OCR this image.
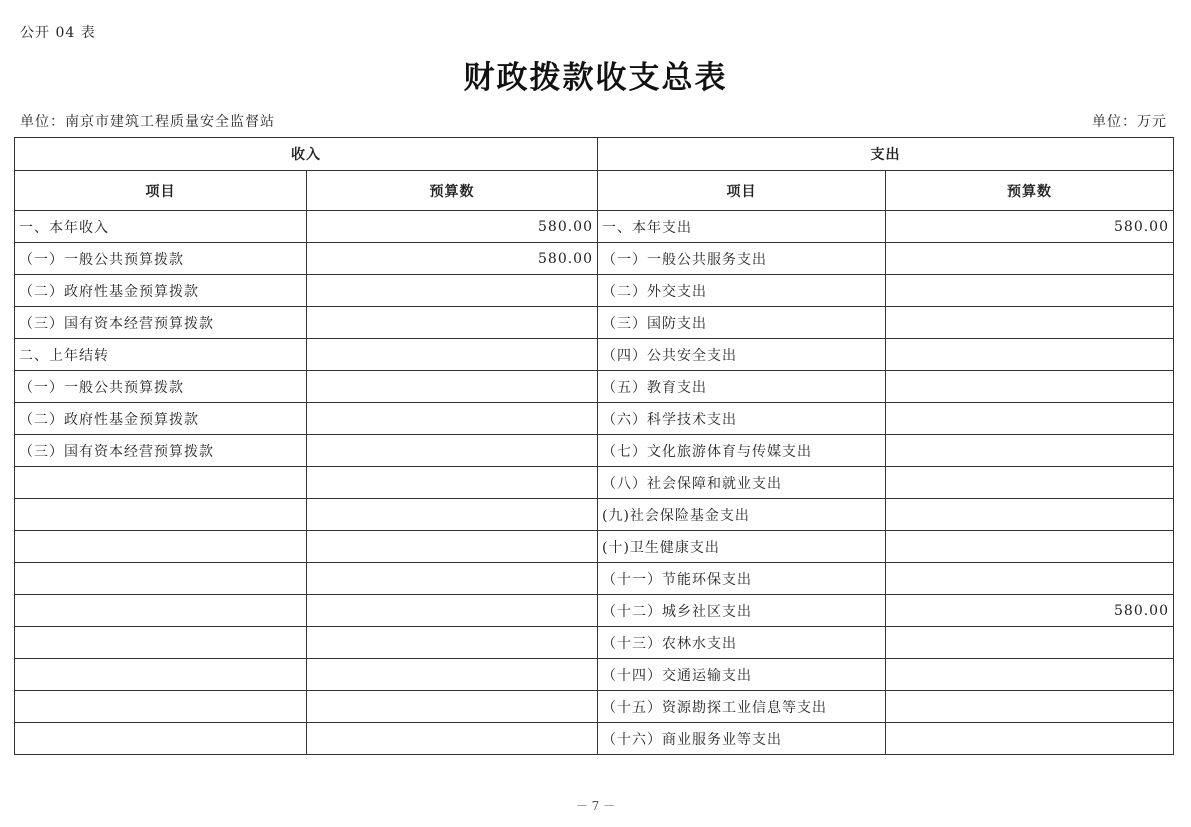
公开 04 表
财政拨款收支总表
单位：南京市建筑工程质量安全监督站	单位：万元
收入		支出	
项目	预算数	项目	预算数
一、本年收入	580.00	一、本年支出	580.00
（一）一般公共预算拨款	580.00	（一）一般公共服务支出	
（二）政府性基金预算拨款		（二）外交支出	
（三）国有资本经营预算拨款		（三）国防支出	
二、上年结转		（四）公共安全支出	
（一）一般公共预算拨款		（五）教育支出	
（二）政府性基金预算拨款		（六）科学技术支出	
（三）国有资本经营预算拨款		（七）文化旅游体育与传媒支出	
		（八）社会保障和就业支出	
		(九)社会保险基金支出	
		(十)卫生健康支出	
		（十一）节能环保支出	
		（十二）城乡社区支出	580.00
		（十三）农林水支出	
		（十四）交通运输支出	
		（十五）资源勘探工业信息等支出	
		（十六）商业服务业等支出	
－ 7 －
